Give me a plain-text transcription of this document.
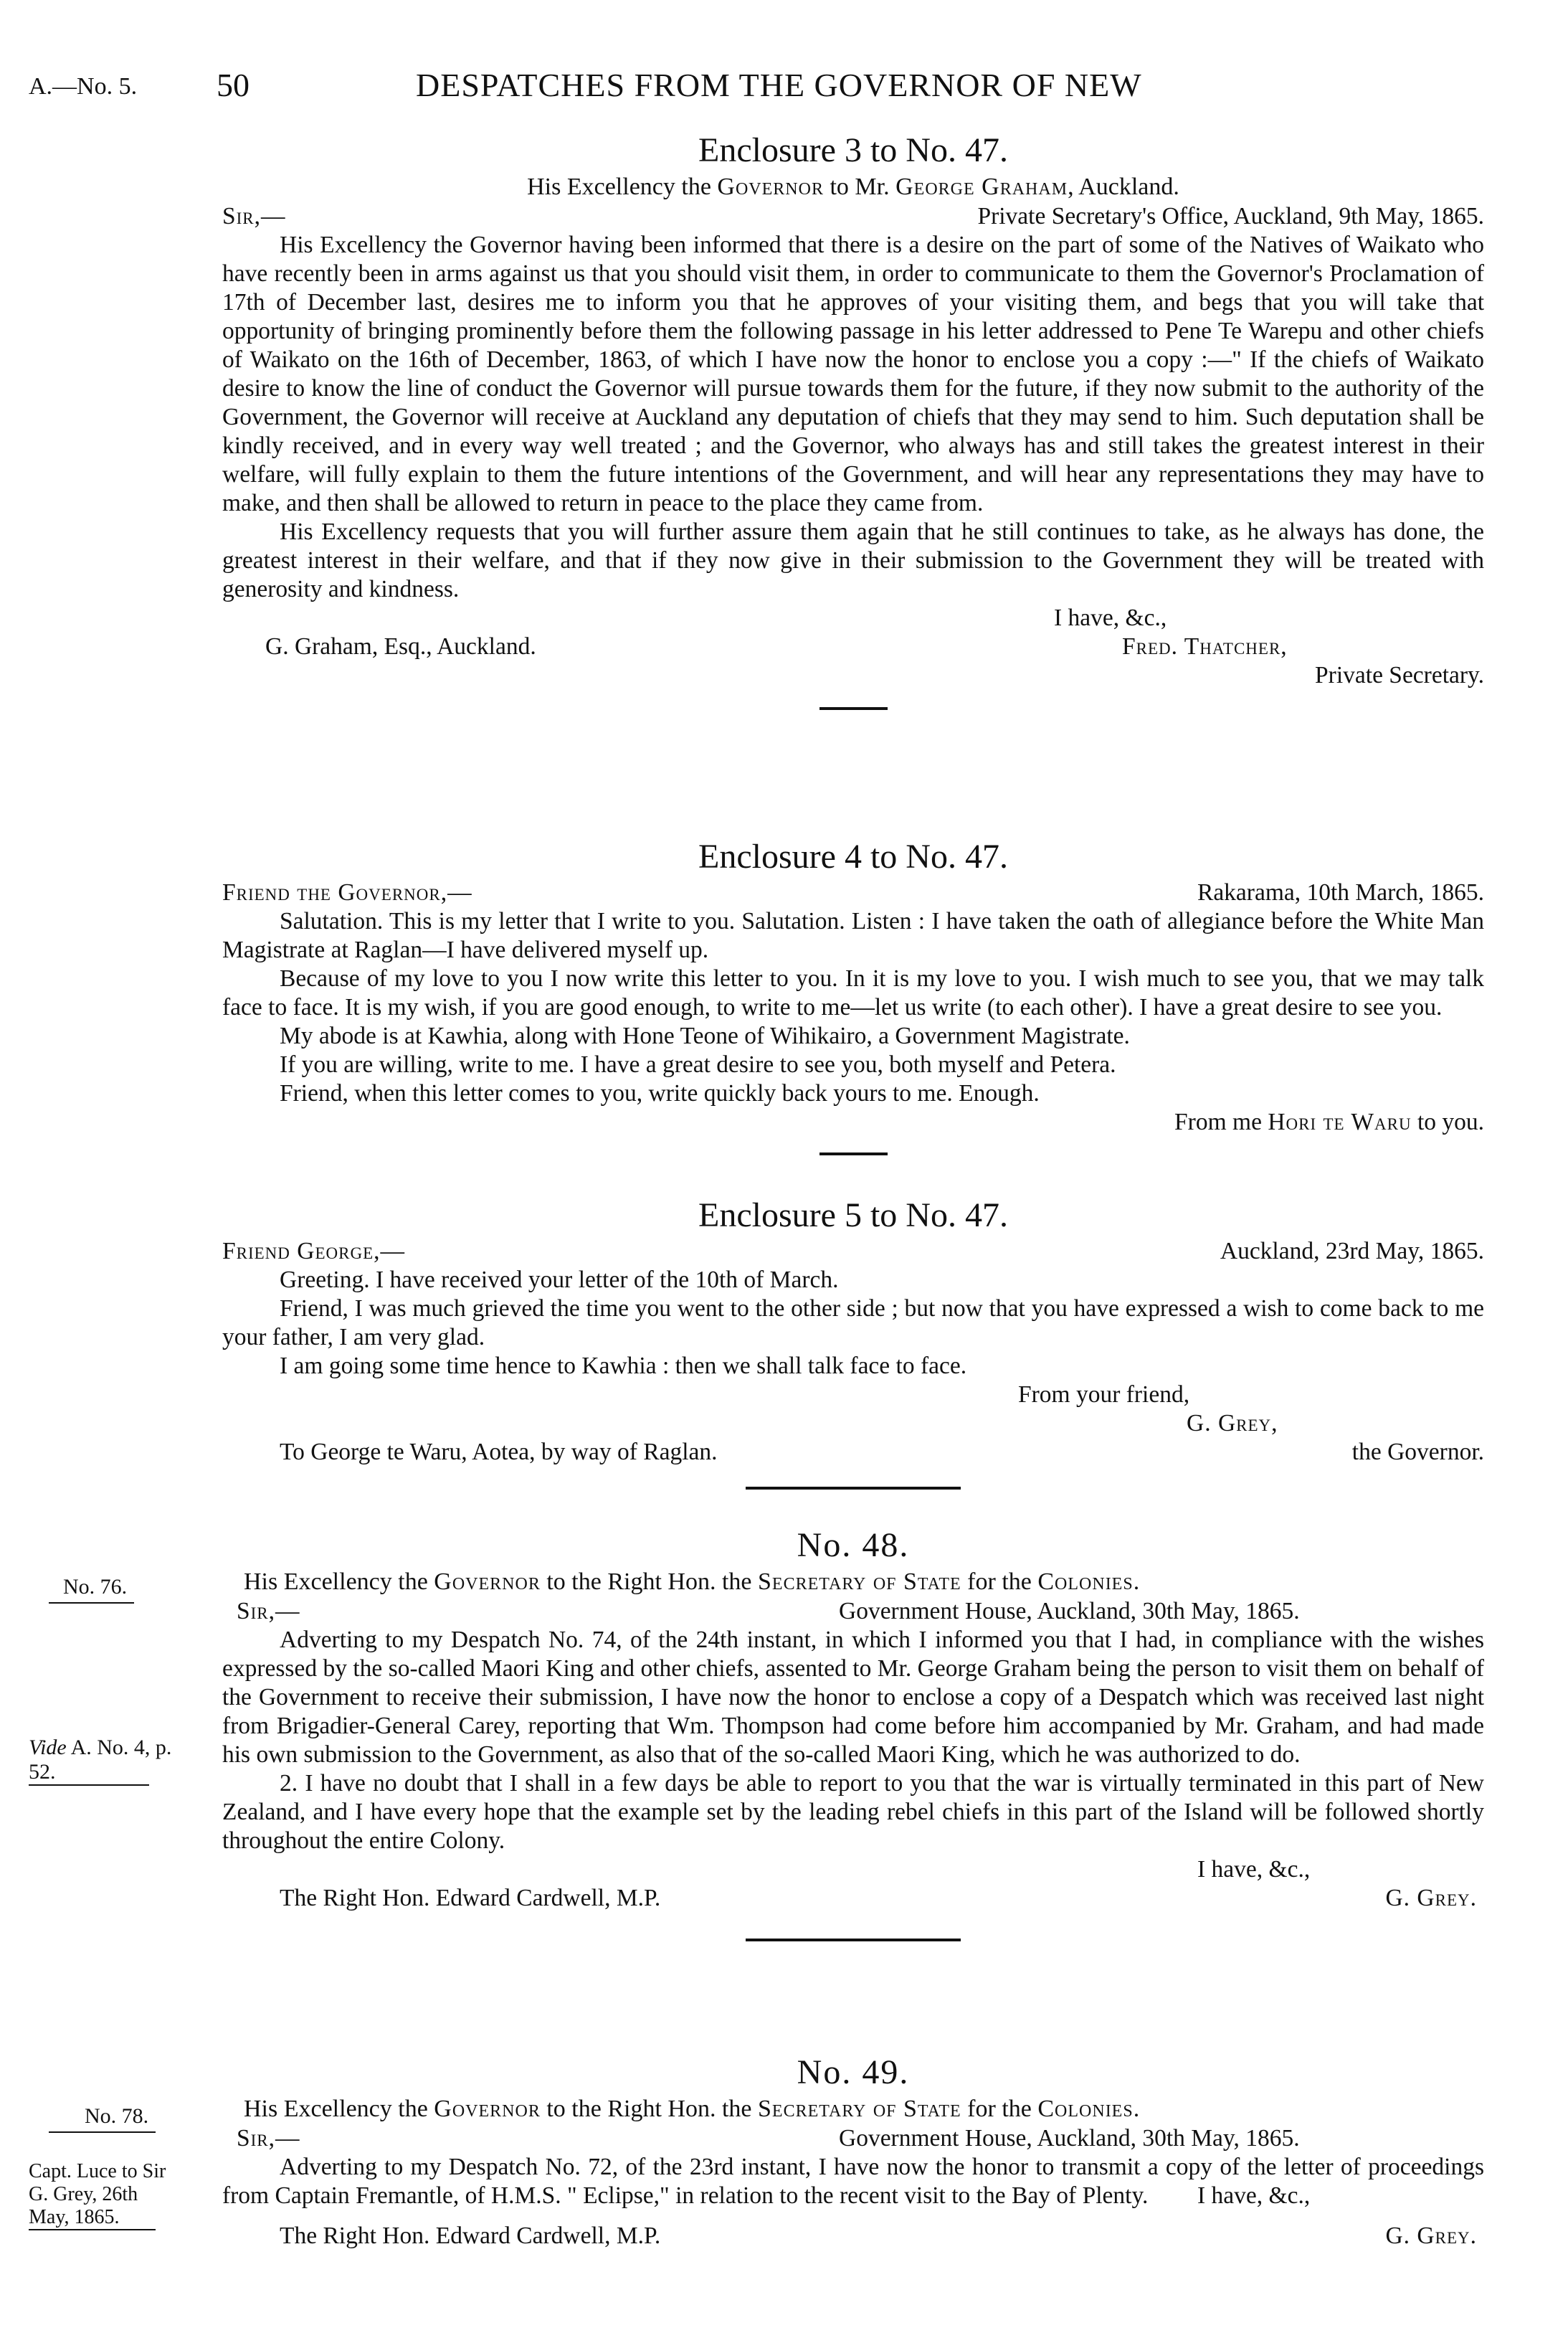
A.—No. 5. 50	DESPATCHES FROM THE GOVERNOR OF NEW

Enclosure 3 to No. 47.

His Excellency the Governor to Mr. George Graham, Auckland.

Sir,—	Private Secretary's Office, Auckland, 9th May, 1865.

His Excellency the Governor having been informed that there is a desire on the part of some of the Natives of Waikato who have recently been in arms against us that you should visit them, in order to communicate to them the Governor's Proclamation of 17th of December last, desires me to inform you that he approves of your visiting them, and begs that you will take that opportunity of bringing prominently before them the following passage in his letter addressed to Pene Te Warepu and other chiefs of Waikato on the 16th of December, 1863, of which I have now the honor to enclose you a copy :—" If the chiefs of Waikato desire to know the line of conduct the Governor will pursue towards them for the future, if they now submit to the authority of the Government, the Governor will receive at Auckland any deputation of chiefs that they may send to him. Such deputation shall be kindly received, and in every way well treated ; and the Governor, who always has and still takes the greatest interest in their welfare, will fully explain to them the future intentions of the Government, and will hear any representations they may have to make, and then shall be allowed to return in peace to the place they came from.

His Excellency requests that you will further assure them again that he still continues to take, as he always has done, the greatest interest in their welfare, and that if they now give in their submission to the Government they will be treated with generosity and kindness.

I have, &c.,
G. Graham, Esq., Auckland.	Fred. Thatcher,
Private Secretary.

Enclosure 4 to No. 47.

Friend the Governor,—	Rakarama, 10th March, 1865.

Salutation. This is my letter that I write to you. Salutation. Listen : I have taken the oath of allegiance before the White Man Magistrate at Raglan—I have delivered myself up.

Because of my love to you I now write this letter to you. In it is my love to you. I wish much to see you, that we may talk face to face. It is my wish, if you are good enough, to write to me—let us write (to each other). I have a great desire to see you.

My abode is at Kawhia, along with Hone Teone of Wihikairo, a Government Magistrate.

If you are willing, write to me. I have a great desire to see you, both myself and Petera.

Friend, when this letter comes to you, write quickly back yours to me. Enough.

From me Hori te Waru to you.

Enclosure 5 to No. 47.

Friend George,—	Auckland, 23rd May, 1865.

Greeting. I have received your letter of the 10th of March.

Friend, I was much grieved the time you went to the other side ; but now that you have expressed a wish to come back to me your father, I am very glad.

I am going some time hence to Kawhia : then we shall talk face to face.

From your friend,
G. Grey,
To George te Waru, Aotea, by way of Raglan.	the Governor.
No. 76.
Vide A. No. 4, p.
52.

No. 48.

His Excellency the Governor to the Right Hon. the Secretary of State for the Colonies.

Sir,—	Government House, Auckland, 30th May, 1865.

Adverting to my Despatch No. 74, of the 24th instant, in which I informed you that I had, in compliance with the wishes expressed by the so-called Maori King and other chiefs, assented to Mr. George Graham being the person to visit them on behalf of the Government to receive their submission, I have now the honor to enclose a copy of a Despatch which was received last night from Brigadier-General Carey, reporting that Wm. Thompson had come before him accompanied by Mr. Graham, and had made his own submission to the Government, as also that of the so-called Maori King, which he was authorized to do.

2. I have no doubt that I shall in a few days be able to report to you that the war is virtually terminated in this part of New Zealand, and I have every hope that the example set by the leading rebel chiefs in this part of the Island will be followed shortly throughout the entire Colony.

I have, &c.,
The Right Hon. Edward Cardwell, M.P.	G. Grey.
No. 78.
Capt. Luce to Sir
G. Grey, 26th
May, 1865.

No. 49.

His Excellency the Governor to the Right Hon. the Secretary of State for the Colonies.

Sir,—	Government House, Auckland, 30th May, 1865.

Adverting to my Despatch No. 72, of the 23rd instant, I have now the honor to transmit a copy of the letter of proceedings from Captain Fremantle, of H.M.S. " Eclipse," in relation to the recent visit to the Bay of Plenty.	I have, &c.,
The Right Hon. Edward Cardwell, M.P.	G. Grey.
